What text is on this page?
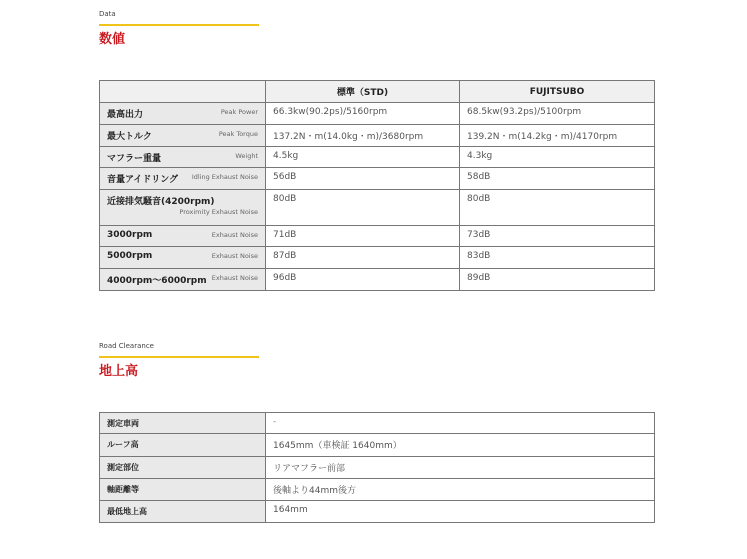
Data
数値
	標準（STD)	FUJITSUBO

最高出力 Peak Power	66.3kw(90.2ps)/5160rpm	68.5kw(93.2ps)/5100rpm

最大トルク Peak Torque	137.2N・m(14.0kg・m)/3680rpm	139.2N・m(14.2kg・m)/4170rpm

マフラー重量 Weight	4.5kg	4.3kg

音量アイドリング Idling Exhaust Noise	56dB	58dB

近接排気騒音(4200rpm)
Proximity Exhaust Noise	80dB	80dB

3000rpm Exhaust Noise	71dB	73dB

5000rpm Exhaust Noise	87dB	83dB

4000rpm～6000rpm Exhaust Noise	96dB	89dB
Road Clearance
地上高
測定車両	-

ルーフ高	1645mm（車検証 1640mm）

測定部位	リアマフラー前部

軸距離等	後軸より44mm後方

最低地上高	164mm
